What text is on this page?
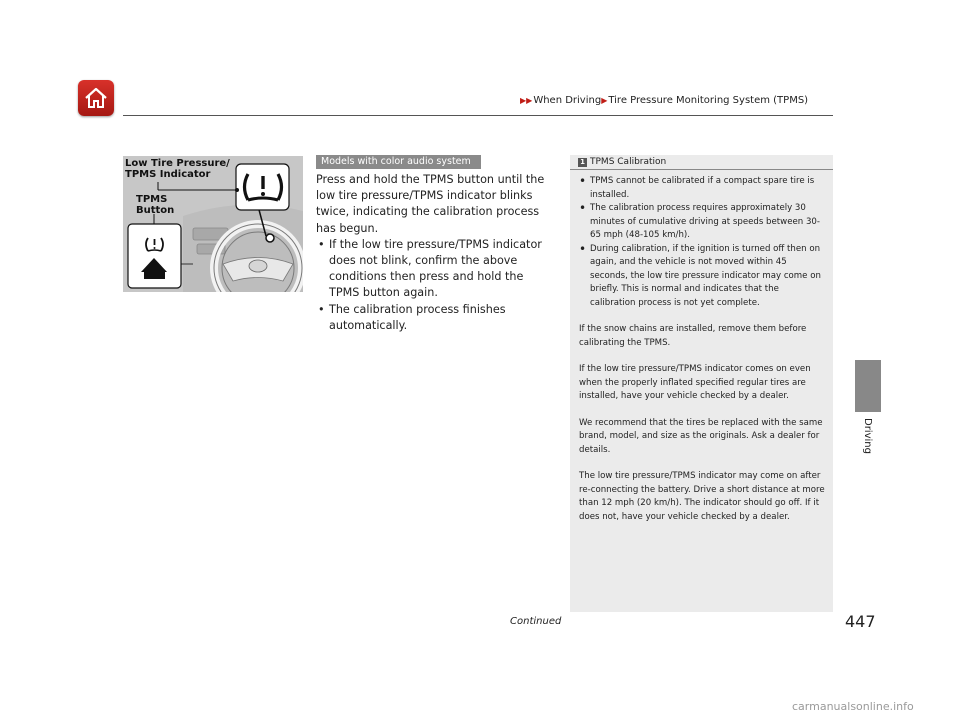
▶▶When Driving▶Tire Pressure Monitoring System (TPMS)
Driving
Low Tire Pressure/
TPMS Indicator
TPMS
Button
Models with color audio system

Press and hold the TPMS button until the low tire pressure/TPMS indicator blinks twice, indicating the calibration process has begun.

• If the low tire pressure/TPMS indicator does not blink, confirm the above conditions then press and hold the TPMS button again.
• The calibration process finishes automatically.
1 TPMS Calibration
• TPMS cannot be calibrated if a compact spare tire is installed.
• The calibration process requires approximately 30 minutes of cumulative driving at speeds between 30-65 mph (48-105 km/h).
• During calibration, if the ignition is turned off then on again, and the vehicle is not moved within 45 seconds, the low tire pressure indicator may come on briefly. This is normal and indicates that the calibration process is not yet complete.

If the snow chains are installed, remove them before calibrating the TPMS.

If the low tire pressure/TPMS indicator comes on even when the properly inflated specified regular tires are installed, have your vehicle checked by a dealer.

We recommend that the tires be replaced with the same brand, model, and size as the originals. Ask a dealer for details.

The low tire pressure/TPMS indicator may come on after re-connecting the battery. Drive a short distance at more than 12 mph (20 km/h). The indicator should go off. If it does not, have your vehicle checked by a dealer.

Continued	447
carmanualsonline.info
